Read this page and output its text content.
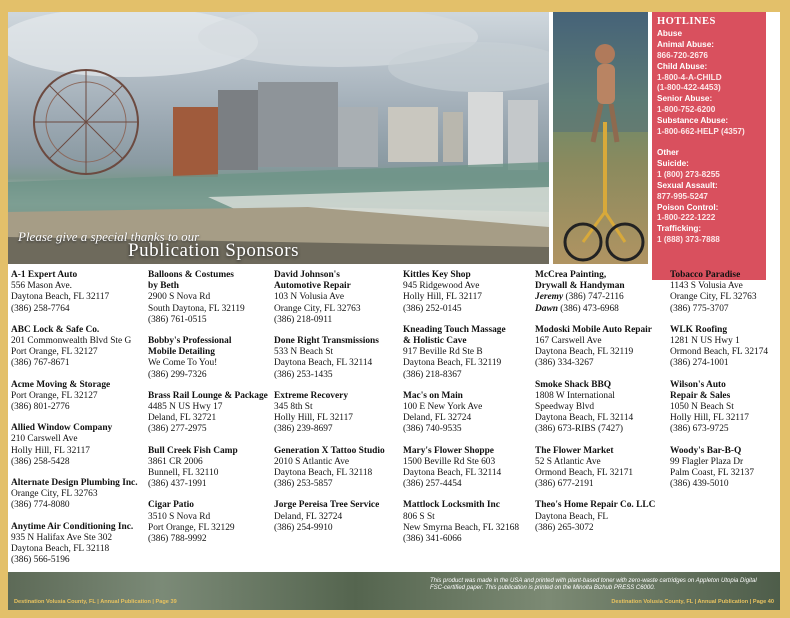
Please give a special thanks to our
Publication Sponsors
HOTLINES
Abuse
Animal Abuse:
866-720-2676
Child Abuse:
1-800-4-A-CHILD
(1-800-422-4453)
Senior Abuse:
1-800-752-6200
Substance Abuse:
1-800-662-HELP (4357)
Other
Suicide:
1 (800) 273-8255
Sexual Assault:
877-995-5247
Poison Control:
1-800-222-1222
Trafficking:
1 (888) 373-7888
A-1 Expert Auto
556 Mason Ave.
Daytona Beach, FL 32117
(386) 258-7764
ABC Lock & Safe Co.
201 Commonwealth Blvd Ste G
Port Orange, FL 32127
(386) 767-8671
Acme Moving & Storage
Port Orange, FL 32127
(386) 801-2776
Allied Window Company
210 Carswell Ave
Holly Hill, FL 32117
(386) 258-5428
Alternate Design Plumbing Inc.
Orange City, FL 32763
(386) 774-8080
Anytime Air Conditioning Inc.
935 N Halifax Ave Ste 302
Daytona Beach, FL 32118
(386) 566-5196
Balloons & Costumes
by Beth
2900 S Nova Rd
South Daytona, FL 32119
(386) 761-0515
Bobby's Professional
Mobile Detailing
We Come To You!
(386) 299-7326
Brass Rail Lounge & Package
4485 N US Hwy 17
Deland, FL 32721
(386) 277-2975
Bull Creek Fish Camp
3861 CR 2006
Bunnell, FL 32110
(386) 437-1991
Cigar Patio
3510 S Nova Rd
Port Orange, FL 32129
(386) 788-9992
David Johnson's
Automotive Repair
103 N Volusia Ave
Orange City, FL 32763
(386) 218-0911
Done Right Transmissions
533 N Beach St
Daytona Beach, FL 32114
(386) 253-1435
Extreme Recovery
345 8th St
Holly Hill, FL 32117
(386) 239-8697
Generation X Tattoo Studio
2010 S Atlantic Ave
Daytona Beach, FL 32118
(386) 253-5857
Jorge Pereisa Tree Service
Deland, FL 32724
(386) 254-9910
Kittles Key Shop
945 Ridgewood Ave
Holly Hill, FL 32117
(386) 252-0145
Kneading Touch Massage
& Holistic Cave
917 Beville Rd Ste B
Daytona Beach, FL 32119
(386) 218-8367
Mac's on Main
100 E New York Ave
Deland, FL 32724
(386) 740-9535
Mary's Flower Shoppe
1500 Beville Rd Ste 603
Daytona Beach, FL 32114
(386) 257-4454
Mattlock Locksmith Inc
806 S St
New Smyrna Beach, FL 32168
(386) 341-6066
McCrea Painting,
Drywall & Handyman
Jeremy (386) 747-2116
Dawn (386) 473-6968
Modoski Mobile Auto Repair
167 Carswell Ave
Daytona Beach, FL 32119
(386) 334-3267
Smoke Shack BBQ
1808 W International
Speedway Blvd
Daytona Beach, FL 32114
(386) 673-RIBS (7427)
The Flower Market
52 S Atlantic Ave
Ormond Beach, FL 32171
(386) 677-2191
Theo's Home Repair Co. LLC
Daytona Beach, FL
(386) 265-3072
Tobacco Paradise
1143 S Volusia Ave
Orange City, FL 32763
(386) 775-3707
WLK Roofing
1281 N US Hwy 1
Ormond Beach, FL 32174
(386) 274-1001
Wilson's Auto
Repair & Sales
1050 N Beach St
Holly Hill, FL 32117
(386) 673-9725
Woody's Bar-B-Q
99 Flagler Plaza Dr
Palm Coast, FL 32137
(386) 439-5010
This product was made in the USA and printed with plant-based toner with zero-waste cartridges on Appleton Utopia Digital FSC-certified paper. This publication is printed on the Minolta Bizhub PRESS C6000.
Destination Volusia County, FL | Annual Publication | Page 39	Destination Volusia County, FL | Annual Publication | Page 40
